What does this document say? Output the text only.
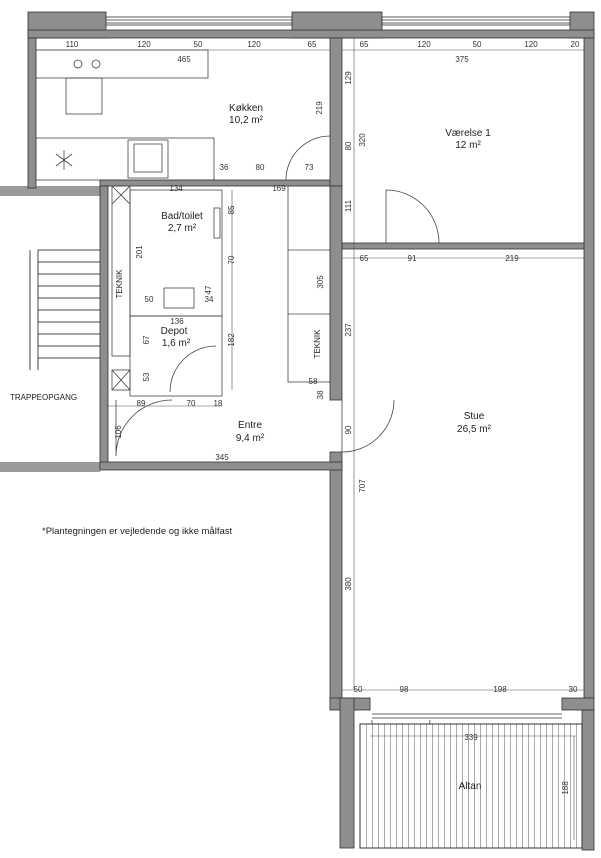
Køkken
10,2 m²
Værelse 1
12 m²
Bad/toilet
2,7 m²
Depot
1,6 m²
Entre
9,4 m²
Stue
26,5 m²
Altan
TRAPPEOPGANG
TEKNIK
TEKNIK
*Plantegningen er vejledende og ikke målfast
110	120	50	120	65
465
219
36	80	73
65	120	50	120	20
375
129
80 320
111
65	91	219
237
90
707
380
50	98	198	30
134	169
85
70
201
47
50	34
136
67
53
182
305
58
38
89	70 18
106
345
339
188
